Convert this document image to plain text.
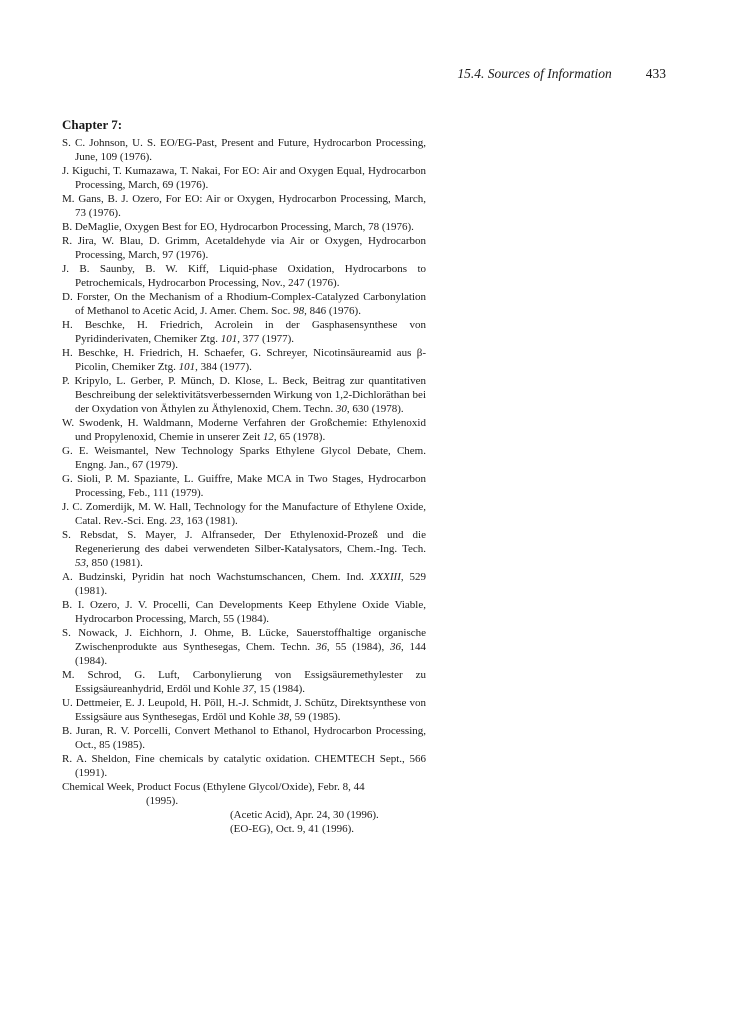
15.4. Sources of Information	433
Chapter 7:

S. C. Johnson, U. S. EO/EG-Past, Present and Future, Hydrocarbon Processing, June, 109 (1976).

J. Kiguchi, T. Kumazawa, T. Nakai, For EO: Air and Oxygen Equal, Hydrocarbon Processing, March, 69 (1976).

M. Gans, B. J. Ozero, For EO: Air or Oxygen, Hydrocarbon Processing, March, 73 (1976).

B. DeMaglie, Oxygen Best for EO, Hydrocarbon Processing, March, 78 (1976).

R. Jira, W. Blau, D. Grimm, Acetaldehyde via Air or Oxygen, Hydrocarbon Processing, March, 97 (1976).

J. B. Saunby, B. W. Kiff, Liquid-phase Oxidation, Hydrocarbons to Petrochemicals, Hydrocarbon Processing, Nov., 247 (1976).

D. Forster, On the Mechanism of a Rhodium-Complex-Catalyzed Carbonylation of Methanol to Acetic Acid, J. Amer. Chem. Soc. 98, 846 (1976).

H. Beschke, H. Friedrich, Acrolein in der Gasphasensynthese von Pyridinderivaten, Chemiker Ztg. 101, 377 (1977).

H. Beschke, H. Friedrich, H. Schaefer, G. Schreyer, Nicotinsäureamid aus β-Picolin, Chemiker Ztg. 101, 384 (1977).

P. Kripylo, L. Gerber, P. Münch, D. Klose, L. Beck, Beitrag zur quantitativen Beschreibung der selektivitätsverbessernden Wirkung von 1,2-Dichloräthan bei der Oxydation von Äthylen zu Äthylenoxid, Chem. Techn. 30, 630 (1978).

W. Swodenk, H. Waldmann, Moderne Verfahren der Großchemie: Ethylenoxid und Propylenoxid, Chemie in unserer Zeit 12, 65 (1978).

G. E. Weismantel, New Technology Sparks Ethylene Glycol Debate, Chem. Engng. Jan., 67 (1979).

G. Sioli, P. M. Spaziante, L. Guiffre, Make MCA in Two Stages, Hydrocarbon Processing, Feb., 111 (1979).

J. C. Zomerdijk, M. W. Hall, Technology for the Manufacture of Ethylene Oxide, Catal. Rev.-Sci. Eng. 23, 163 (1981).

S. Rebsdat, S. Mayer, J. Alfranseder, Der Ethylenoxid-Prozeß und die Regenerierung des dabei verwendeten Silber-Katalysators, Chem.-Ing. Tech. 53, 850 (1981).

A. Budzinski, Pyridin hat noch Wachstumschancen, Chem. Ind. XXXIII, 529 (1981).

B. I. Ozero, J. V. Procelli, Can Developments Keep Ethylene Oxide Viable, Hydrocarbon Processing, March, 55 (1984).

S. Nowack, J. Eichhorn, J. Ohme, B. Lücke, Sauerstoffhaltige organische Zwischenprodukte aus Synthesegas, Chem. Techn. 36, 55 (1984), 36, 144 (1984).

M. Schrod, G. Luft, Carbonylierung von Essigsäuremethylester zu Essigsäureanhydrid, Erdöl und Kohle 37, 15 (1984).

U. Dettmeier, E. J. Leupold, H. Pöll, H.-J. Schmidt, J. Schütz, Direktsynthese von Essigsäure aus Synthesegas, Erdöl und Kohle 38, 59 (1985).

B. Juran, R. V. Porcelli, Convert Methanol to Ethanol, Hydrocarbon Processing, Oct., 85 (1985).

R. A. Sheldon, Fine chemicals by catalytic oxidation. CHEMTECH Sept., 566 (1991).

Chemical Week, Product Focus (Ethylene Glycol/Oxide), Febr. 8, 44

(1995).

(Acetic Acid), Apr. 24, 30 (1996).

(EO-EG), Oct. 9, 41 (1996).
